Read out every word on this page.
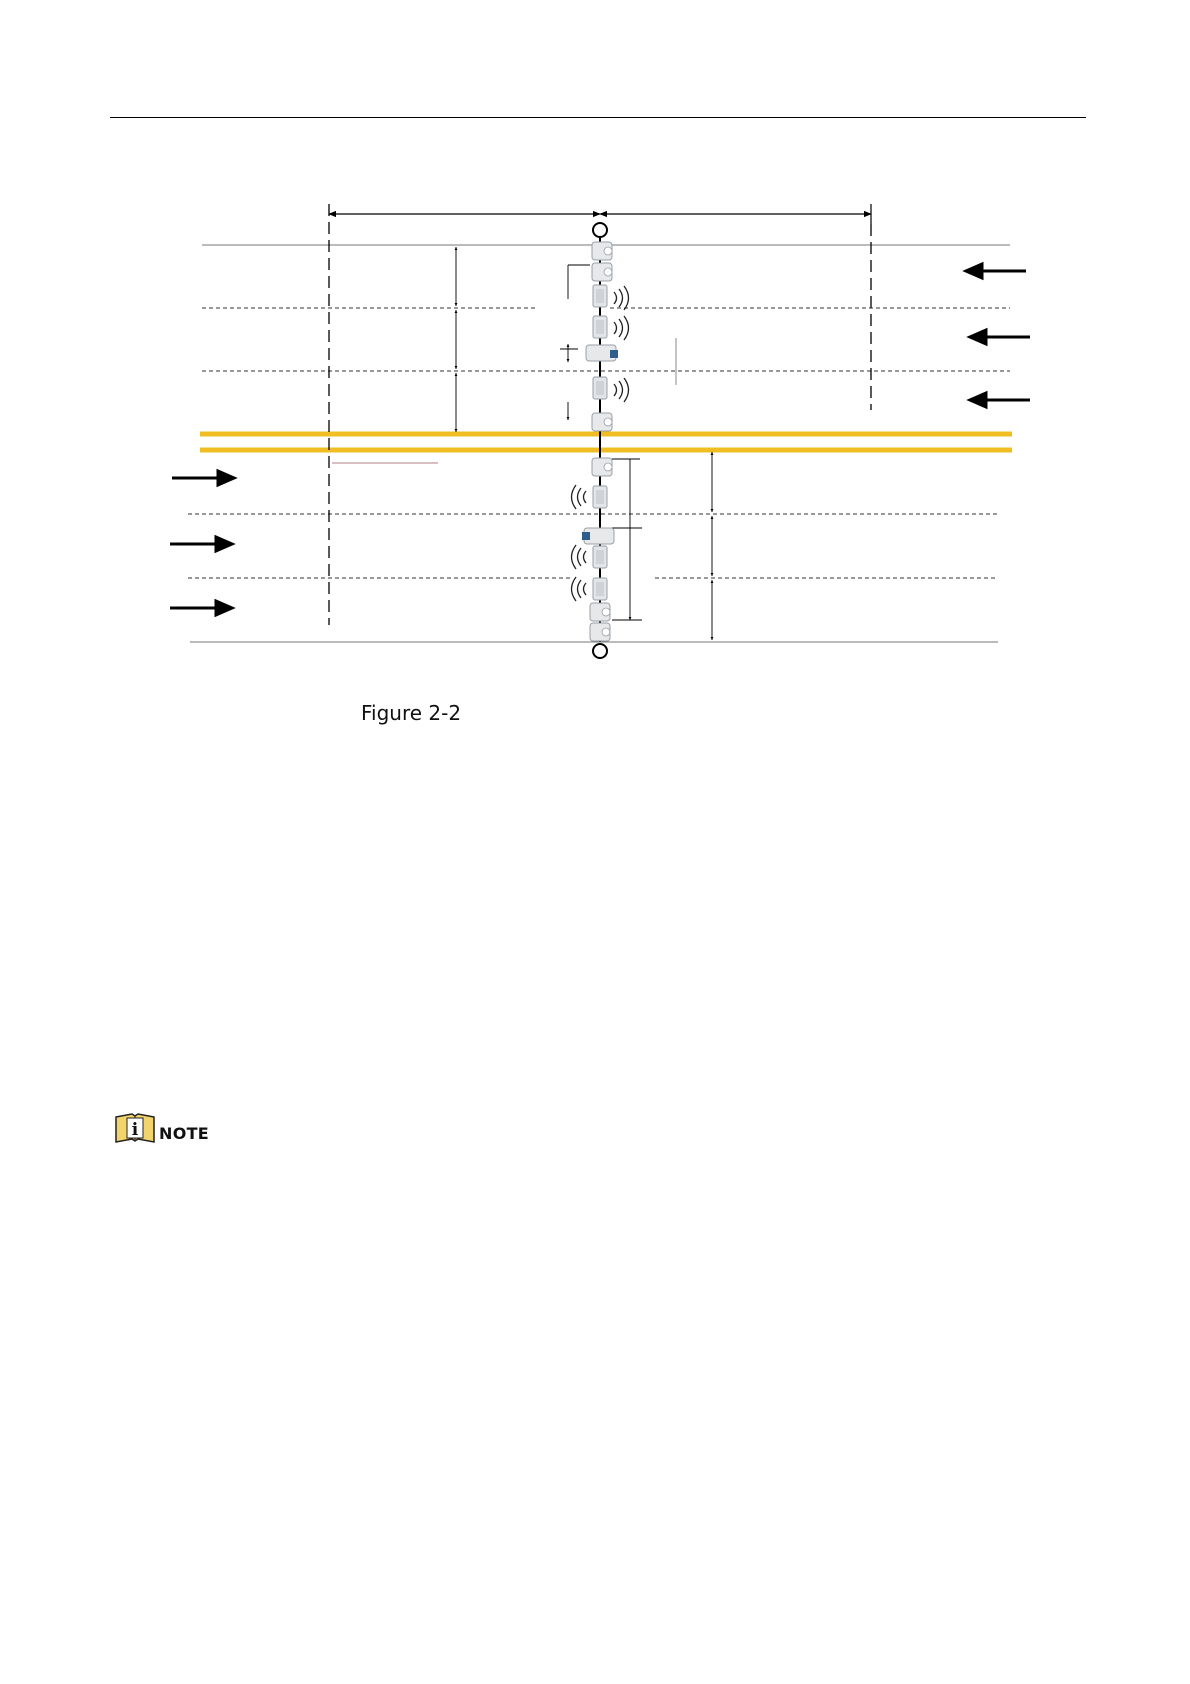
Figure 2-2
i NOTE
